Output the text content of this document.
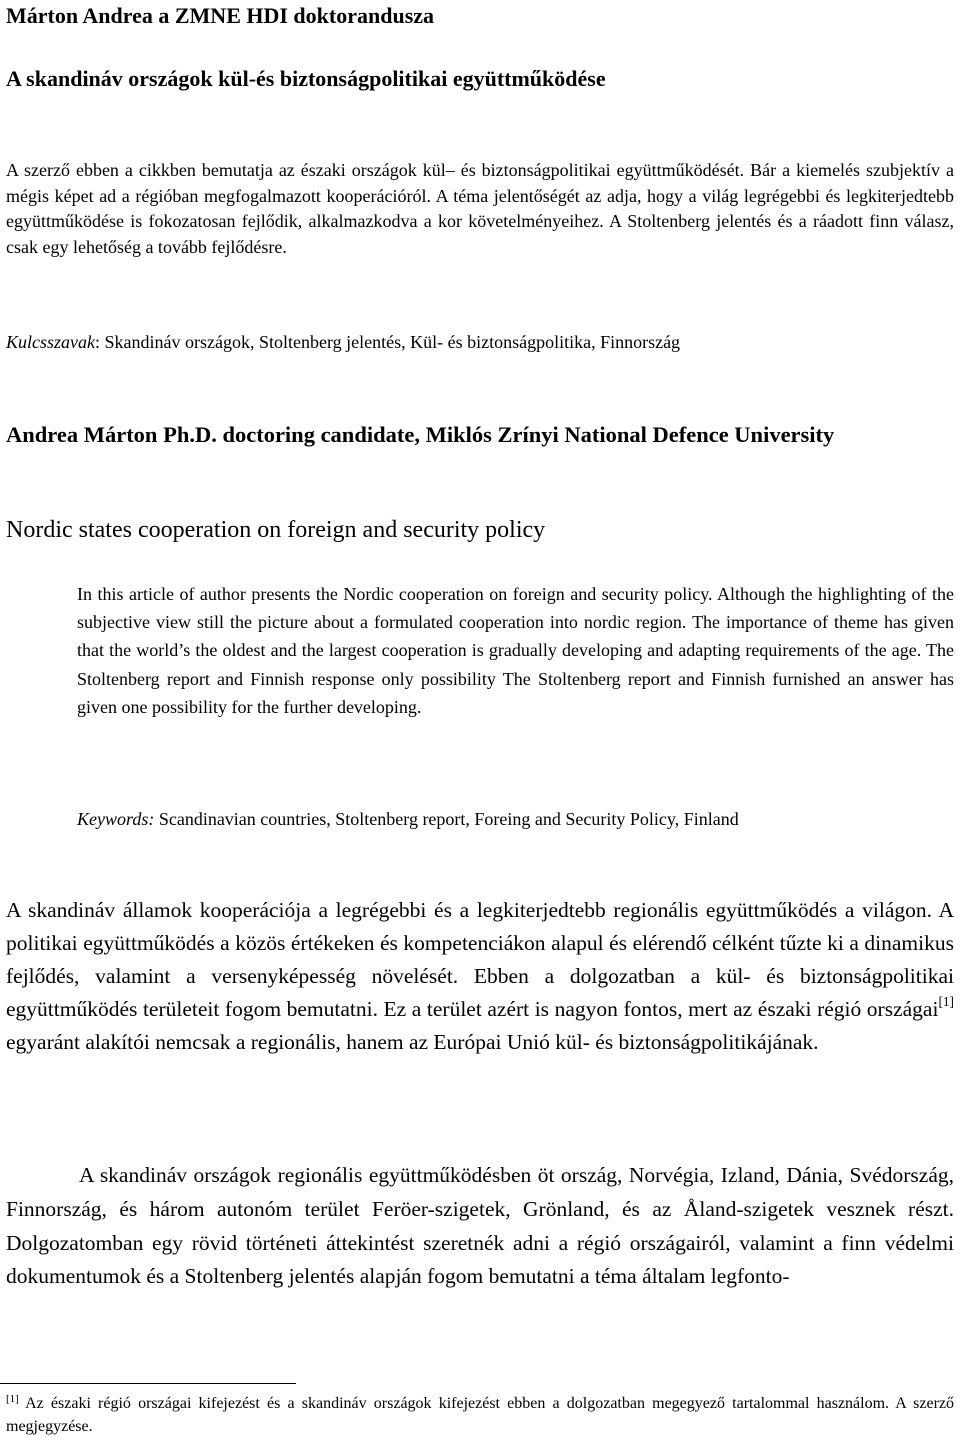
Márton Andrea a ZMNE HDI doktorandusza
A skandináv országok kül-és biztonságpolitikai együttműködése

A szerző ebben a cikkben bemutatja az északi országok kül– és biztonságpolitikai együttműködését. Bár a kiemelés szubjektív a mégis képet ad a régióban megfogalmazott kooperációról. A téma jelentőségét az adja, hogy a világ legrégebbi és legkiterjedtebb együttműködése is fokozatosan fejlődik, alkalmazkodva a kor követelményeihez. A Stoltenberg jelentés és a ráadott finn válasz, csak egy lehetőség a tovább fejlődésre.

Kulcsszavak: Skandináv országok, Stoltenberg jelentés, Kül- és biztonságpolitika, Finnország

Andrea Márton Ph.D. doctoring candidate, Miklós Zrínyi National Defence University
Nordic states cooperation on foreign and security policy

In this article of author presents the Nordic cooperation on foreign and security policy. Although the highlighting of the subjective view still the picture about a formulated cooperation into nordic region. The importance of theme has given that the world’s the oldest and the largest cooperation is gradually developing and adapting requirements of the age. The Stoltenberg report and Finnish response only possibility The Stoltenberg report and Finnish furnished an answer has given one possibility for the further developing.

Keywords: Scandinavian countries, Stoltenberg report, Foreing and Security Policy, Finland

A skandináv államok kooperációja a legrégebbi és a legkiterjedtebb regionális együttműködés a világon. A politikai együttműködés a közös értékeken és kompetenciákon alapul és elérendő célként tűzte ki a dinamikus fejlődés, valamint a versenyképesség növelését. Ebben a dolgozatban a kül- és biztonságpolitikai együttműködés területeit fogom bemutatni. Ez a terület azért is nagyon fontos, mert az északi régió országai[1] egyaránt alakítói nemcsak a regionális, hanem az Európai Unió kül- és biztonságpolitikájának.

A skandináv országok regionális együttműködésben öt ország, Norvégia, Izland, Dánia, Svédország, Finnország, és három autonóm terület Feröer-szigetek, Grönland, és az Åland-szigetek vesznek részt. Dolgozatomban egy rövid történeti áttekintést szeretnék adni a régió országairól, valamint a finn védelmi dokumentumok és a Stoltenberg jelentés alapján fogom bemutatni a téma általam legfonto-

[1] Az északi régió országai kifejezést és a skandináv országok kifejezést ebben a dolgozatban megegyező tartalommal használom. A szerző megjegyzése.
